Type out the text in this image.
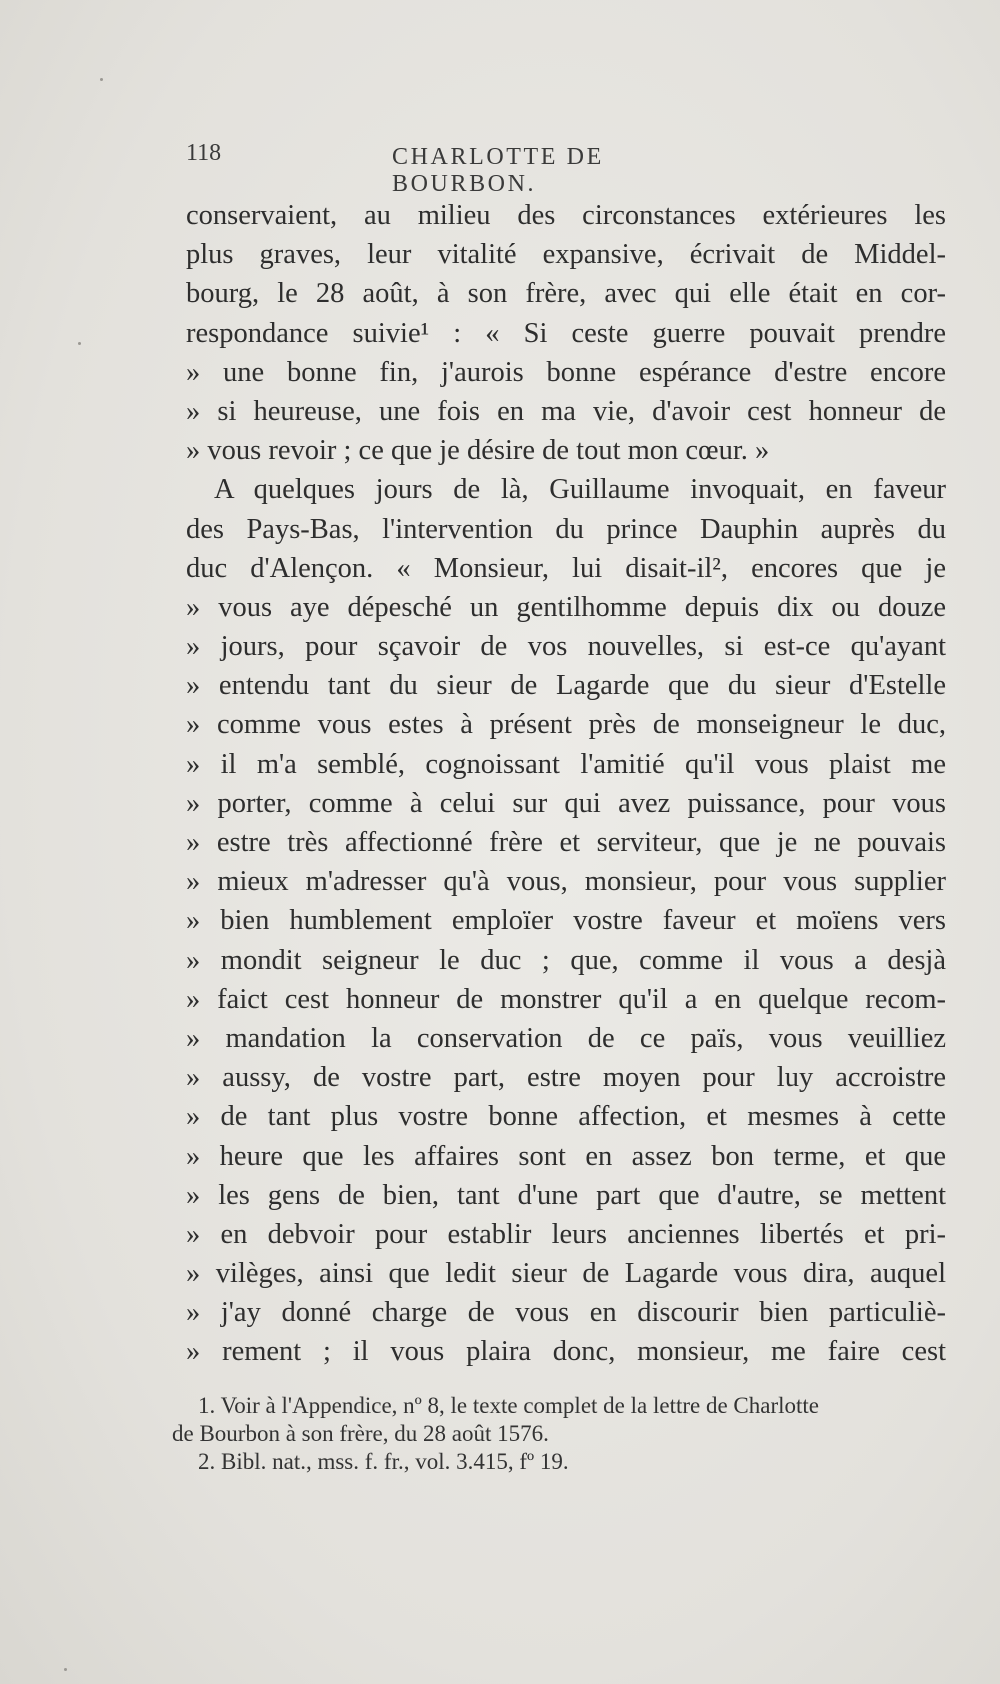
118	CHARLOTTE DE BOURBON.
conservaient, au milieu des circonstances extérieures les
plus graves, leur vitalité expansive, écrivait de Middel-
bourg, le 28 août, à son frère, avec qui elle était en cor-
respondance suivie¹ : « Si ceste guerre pouvait prendre
» une bonne fin, j'aurois bonne espérance d'estre encore
» si heureuse, une fois en ma vie, d'avoir cest honneur de
» vous revoir ; ce que je désire de tout mon cœur. »
A quelques jours de là, Guillaume invoquait, en faveur
des Pays-Bas, l'intervention du prince Dauphin auprès du
duc d'Alençon. « Monsieur, lui disait-il², encores que je
» vous aye dépesché un gentilhomme depuis dix ou douze
» jours, pour sçavoir de vos nouvelles, si est-ce qu'ayant
» entendu tant du sieur de Lagarde que du sieur d'Estelle
» comme vous estes à présent près de monseigneur le duc,
» il m'a semblé, cognoissant l'amitié qu'il vous plaist me
» porter, comme à celui sur qui avez puissance, pour vous
» estre très affectionné frère et serviteur, que je ne pouvais
» mieux m'adresser qu'à vous, monsieur, pour vous supplier
» bien humblement emploïer vostre faveur et moïens vers
» mondit seigneur le duc ; que, comme il vous a desjà
» faict cest honneur de monstrer qu'il a en quelque recom-
» mandation la conservation de ce païs, vous veuilliez
» aussy, de vostre part, estre moyen pour luy accroistre
» de tant plus vostre bonne affection, et mesmes à cette
» heure que les affaires sont en assez bon terme, et que
» les gens de bien, tant d'une part que d'autre, se mettent
» en debvoir pour establir leurs anciennes libertés et pri-
» vilèges, ainsi que ledit sieur de Lagarde vous dira, auquel
» j'ay donné charge de vous en discourir bien particuliè-
» rement ; il vous plaira donc, monsieur, me faire cest
1. Voir à l'Appendice, nº 8, le texte complet de la lettre de Charlotte
de Bourbon à son frère, du 28 août 1576.
2. Bibl. nat., mss. f. fr., vol. 3.415, fº 19.
